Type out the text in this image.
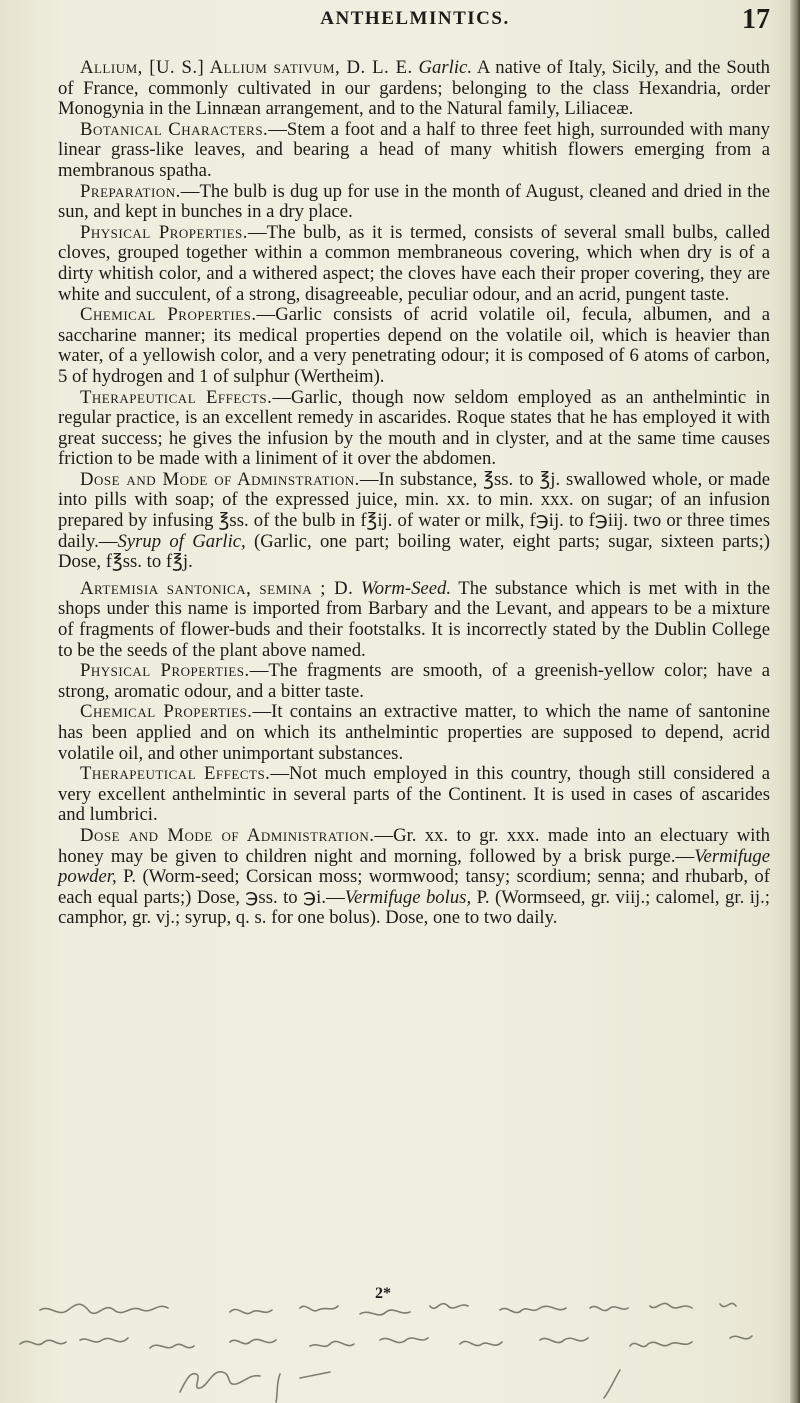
ANTHELMINTICS.	17

Allium, [U. S.] Allium sativum, D. L. E. Garlic. A native of Italy, Sicily, and the South of France, commonly cultivated in our gardens; belonging to the class Hexandria, order Monogynia in the Linnæan arrangement, and to the Natural family, Liliaceæ.

Botanical Characters.—Stem a foot and a half to three feet high, surrounded with many linear grass-like leaves, and bearing a head of many whitish flowers emerging from a membranous spatha.

Preparation.—The bulb is dug up for use in the month of August, cleaned and dried in the sun, and kept in bunches in a dry place.

Physical Properties.—The bulb, as it is termed, consists of several small bulbs, called cloves, grouped together within a common membraneous covering, which when dry is of a dirty whitish color, and a withered aspect; the cloves have each their proper covering, they are white and succulent, of a strong, disagreeable, peculiar odour, and an acrid, pungent taste.

Chemical Properties.—Garlic consists of acrid volatile oil, fecula, albumen, and a saccharine manner; its medical properties depend on the volatile oil, which is heavier than water, of a yellowish color, and a very penetrating odour; it is composed of 6 atoms of carbon, 5 of hydrogen and 1 of sulphur (Wertheim).

Therapeutical Effects.—Garlic, though now seldom employed as an anthelmintic in regular practice, is an excellent remedy in ascarides. Roque states that he has employed it with great success; he gives the infusion by the mouth and in clyster, and at the same time causes friction to be made with a liniment of it over the abdomen.

Dose and Mode of Adminstration.—In substance, ℥ss. to ℥j. swallowed whole, or made into pills with soap; of the expressed juice, min. xx. to min. xxx. on sugar; of an infusion prepared by infusing ℥ss. of the bulb in f℥ij. of water or milk, f℈ij. to f℈iij. two or three times daily.—Syrup of Garlic, (Garlic, one part; boiling water, eight parts; sugar, sixteen parts;) Dose, f℥ss. to f℥j.

Artemisia santonica, semina ; D. Worm-Seed. The substance which is met with in the shops under this name is imported from Barbary and the Levant, and appears to be a mixture of fragments of flower-buds and their footstalks. It is incorrectly stated by the Dublin College to be the seeds of the plant above named.

Physical Properties.—The fragments are smooth, of a greenish-yellow color; have a strong, aromatic odour, and a bitter taste.

Chemical Properties.—It contains an extractive matter, to which the name of santonine has been applied and on which its anthelmintic properties are supposed to depend, acrid volatile oil, and other unimportant substances.

Therapeutical Effects.—Not much employed in this country, though still considered a very excellent anthelmintic in several parts of the Continent. It is used in cases of ascarides and lumbrici.

Dose and Mode of Administration.—Gr. xx. to gr. xxx. made into an electuary with honey may be given to children night and morning, followed by a brisk purge.—Vermifuge powder, P. (Worm-seed; Corsican moss; wormwood; tansy; scordium; senna; and rhubarb, of each equal parts;) Dose, ℈ss. to ℈i.—Vermifuge bolus, P. (Wormseed, gr. viij.; calomel, gr. ij.; camphor, gr. vj.; syrup, q. s. for one bolus). Dose, one to two daily.

2*
